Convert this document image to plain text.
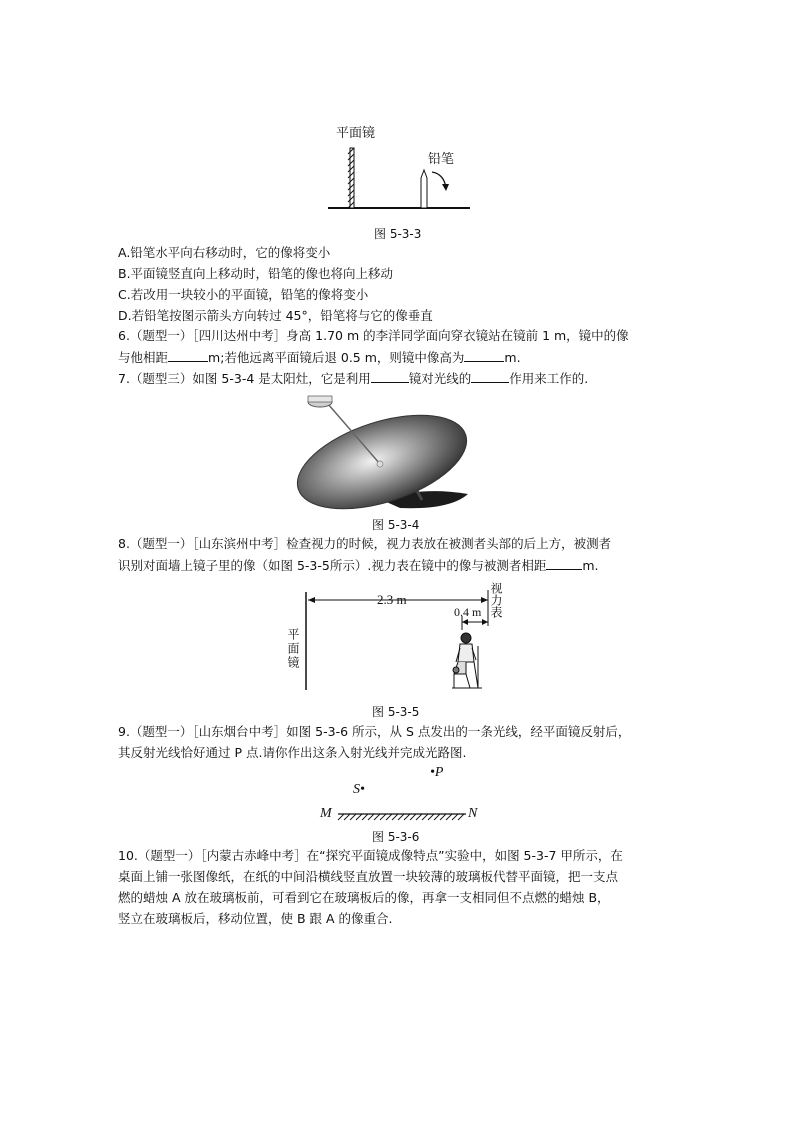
平面镜
铅笔
图 5-3-3
A.铅笔水平向右移动时，它的像将变小
B.平面镜竖直向上移动时，铅笔的像也将向上移动
C.若改用一块较小的平面镜，铅笔的像将变小
D.若铅笔按图示箭头方向转过 45°，铅笔将与它的像垂直
6.（题型一）［四川达州中考］身高 1.70 m 的李洋同学面向穿衣镜站在镜前 1 m，镜中的像
与他相距	m;若他远离平面镜后退 0.5 m，则镜中像高为	m.
7.（题型三）如图 5-3-4 是太阳灶，它是利用	镜对光线的	作用来工作的.
图 5-3-4
8.（题型一）［山东滨州中考］检查视力的时候，视力表放在被测者头部的后上方，被测者
识别对面墙上镜子里的像（如图 5-3-5所示）.视力表在镜中的像与被测者相距	m.
平面镜
视力表
2.3 m
0.4 m
图 5-3-5
9.（题型一）［山东烟台中考］如图 5-3-6 所示，从 S 点发出的一条光线，经平面镜反射后，
其反射光线恰好通过 P 点.请你作出这条入射光线并完成光路图.
•P
S•
M	N
图 5-3-6
10.（题型一）［内蒙古赤峰中考］在“探究平面镜成像特点”实验中，如图 5-3-7 甲所示，在
桌面上铺一张图像纸，在纸的中间沿横线竖直放置一块较薄的玻璃板代替平面镜，把一支点
燃的蜡烛 A 放在玻璃板前，可看到它在玻璃板后的像，再拿一支相同但不点燃的蜡烛 B，
竖立在玻璃板后，移动位置，使 B 跟 A 的像重合.
